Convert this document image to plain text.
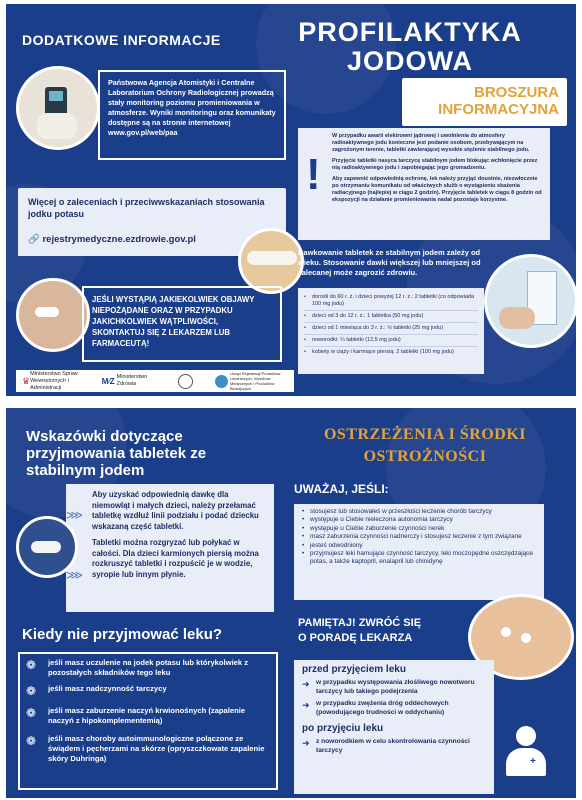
DODATKOWE INFORMACJE	PROFILAKTYKA
JODOWA
BROSZURA
INFORMACYJNA
Państwowa Agencja Atomistyki i Centralne Laboratorium Ochrony Radiologicznej prowadzą stały monitoring poziomu promieniowania w atmosferze. Wyniki monitoringu oraz komunikaty dostępne są na stronie internetowej www.gov.pl/web/paa
Więcej o zaleceniach i przeciwwskazaniach stosowania jodku potasu
🔗 rejestrymedyczne.ezdrowie.gov.pl
JEŚLI WYSTĄPIĄ JAKIEKOLWIEK OBJAWY NIEPOŻĄDANE ORAZ W PRZYPADKU JAKICHKOLWIEK WĄTPLIWOŚCI, SKONTAKTUJ SIĘ Z LEKARZEM LUB FARMACEUTĄ!
♛
Ministerstwo Spraw Wewnętrznych i Administracji
M∕Z Ministerstwo Zdrowia
Urząd Rejestracji Produktów Leczniczych, Wyrobów Medycznych i Produktów Biobójczych
!
W przypadku awarii elektrowni jądrowej i uwolnienia do atmosfery radioaktywnego jodu konieczne jest podanie osobom, przebywającym na zagrożonym terenie, tabletki zawierającej wysokie stężenie stabilnego jodu.
Przyjęcie tabletki nasyca tarczycę stabilnym jodem blokując wchłonięcie przez nią radioaktywnego jodu i zapobiegając jego gromadzeniu.
Aby zapewnić odpowiednią ochronę, lek należy przyjąć doustnie, niezwłocznie po otrzymaniu komunikatu od właściwych służb o wystąpieniu skażenia radiacyjnego (najlepiej w ciągu 2 godzin). Przyjęcie tabletek w ciągu 8 godzin od ekspozycji na działanie promieniowania nadal pozostaje korzystne.
Dawkowanie tabletek ze stabilnym jodem zależy od wieku. Stosowanie dawki większej lub mniejszej od zalecanej może zagrozić zdrowiu.
• dorośli do 60 r. ż. i dzieci powyżej 12 r. ż.: 2 tabletki (co odpowiada 100 mg jodu)
• dzieci od 3 do 12 r. ż.: 1 tabletka (50 mg jodu)
• dzieci od 1 miesiąca do 3 r. ż.: ½ tabletki (25 mg jodu)
• noworodki: ¼ tabletki (12,5 mg jodu)
• kobiety w ciąży i karmiące piersią: 2 tabletki (100 mg jodu)
Wskazówki dotyczące przyjmowania tabletek ze stabilnym jodem
Aby uzyskać odpowiednią dawkę dla niemowląt i małych dzieci, należy przełamać tabletkę wzdłuż linii podziału i podać dziecku wskazaną część tabletki.
Tabletki można rozgryzać lub połykać w całości. Dla dzieci karmionych piersią można rozkruszyć tabletki i rozpuścić je w wodzie, syropie lub innym płynie.
⋙
⋙
Kiedy nie przyjmować leku?
❁	jeśli masz uczulenie na jodek potasu lub którykolwiek z pozostałych składników tego leku
❁	jeśli masz nadczynność tarczycy
❁	jeśli masz zaburzenie naczyń krwionośnych (zapalenie naczyń z hipokomplementemią)
❁	jeśli masz choroby autoimmunologiczne połączone ze świądem i pęcherzami na skórze (opryszczkowate zapalenie skóry Duhringa)
OSTRZEŻENIA I ŚRODKI
OSTROŻNOŚCI
UWAŻAJ, JEŚLI:
• stosujesz lub stosowałeś w przeszłości leczenie chorób tarczycy
• występuje u Ciebie nieleczona autonomia tarczycy
• występuje u Ciebie zaburzenie czynności nerek
• masz zaburzenia czynności nadnerczy i stosujesz leczenie z tym związane
• jesteś odwodniony
• przyjmujesz leki hamujące czynność tarczycy, leki moczopędne oszczędzające potas, a także kaptopril, enalapril lub chinidynę
PAMIĘTAJ! ZWRÓĆ SIĘ
O PORADĘ LEKARZA
przed przyjęciem leku
➜ w przypadku występowania złośliwego nowotworu tarczycy lub takiego podejrzenia
➜ w przypadku zwężenia dróg oddechowych (powodującego trudności w oddychaniu)
po przyjęciu leku
➜ z noworodkiem w celu skontrolowania czynności tarczycy
+
